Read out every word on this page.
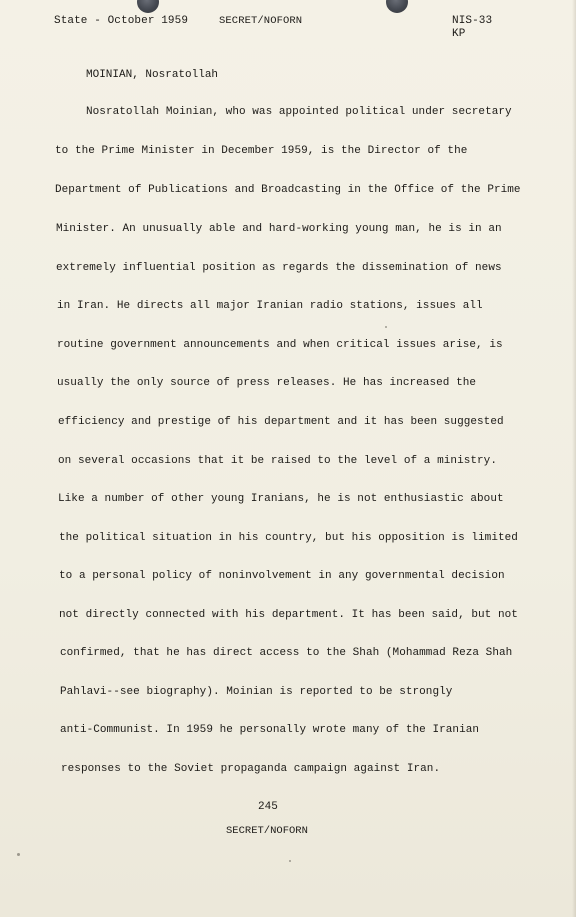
State - October 1959	SECRET/NOFORN	NIS-33
KP
MOINIAN, Nosratollah
Nosratollah Moinian, who was appointed political under secretary
to the Prime Minister in December 1959, is the Director of the
Department of Publications and Broadcasting in the Office of the Prime
Minister. An unusually able and hard-working young man, he is in an
extremely influential position as regards the dissemination of news
in Iran. He directs all major Iranian radio stations, issues all
routine government announcements and when critical issues arise, is
usually the only source of press releases. He has increased the
efficiency and prestige of his department and it has been suggested
on several occasions that it be raised to the level of a ministry.
Like a number of other young Iranians, he is not enthusiastic about
the political situation in his country, but his opposition is limited
to a personal policy of noninvolvement in any governmental decision
not directly connected with his department. It has been said, but not
confirmed, that he has direct access to the Shah (Mohammad Reza Shah
Pahlavi--see biography). Moinian is reported to be strongly
anti-Communist. In 1959 he personally wrote many of the Iranian
responses to the Soviet propaganda campaign against Iran.
245
SECRET/NOFORN
